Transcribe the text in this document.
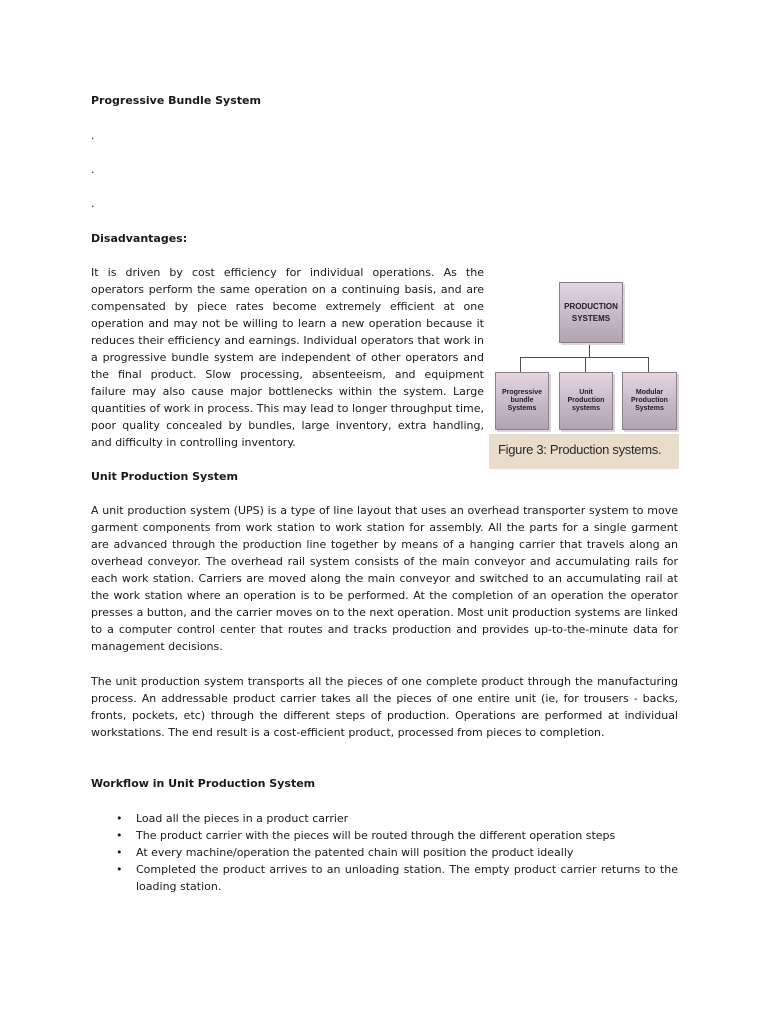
Progressive Bundle System
.
.
.
Disadvantages:

It is driven by cost efficiency for individual operations. As the operators perform the same operation on a continuing basis, and are compensated by piece rates become extremely efficient at one operation and may not be willing to learn a new operation because it reduces their efficiency and earnings. Individual operators that work in a progressive bundle system are independent of other operators and the final product. Slow processing, absenteeism, and equipment failure may also cause major bottlenecks within the system. Large quantities of work in process. This may lead to longer throughput time, poor quality concealed by bundles, large inventory, extra handling, and difficulty in controlling inventory.

PRODUCTION SYSTEMS
Progressive bundle Systems
Unit Production systems
Modular Production Systems
Figure 3: Production systems.
Unit Production System

A unit production system (UPS) is a type of line layout that uses an overhead transporter system to move garment components from work station to work station for assembly. All the parts for a single garment are advanced through the production line together by means of a hanging carrier that travels along an overhead conveyor. The overhead rail system consists of the main conveyor and accumulating rails for each work station. Carriers are moved along the main conveyor and switched to an accumulating rail at the work station where an operation is to be performed. At the completion of an operation the operator presses a button, and the carrier moves on to the next operation. Most unit production systems are linked to a computer control center that routes and tracks production and provides up-to-the-minute data for management decisions.

The unit production system transports all the pieces of one complete product through the manufacturing process. An addressable product carrier takes all the pieces of one entire unit (ie, for trousers - backs, fronts, pockets, etc) through the different steps of production. Operations are performed at individual workstations. The end result is a cost-efficient product, processed from pieces to completion.

Workflow in Unit Production System
• Load all the pieces in a product carrier
• The product carrier with the pieces will be routed through the different operation steps
• At every machine/operation the patented chain will position the product ideally
• Completed the product arrives to an unloading station. The empty product carrier returns to the loading station.
